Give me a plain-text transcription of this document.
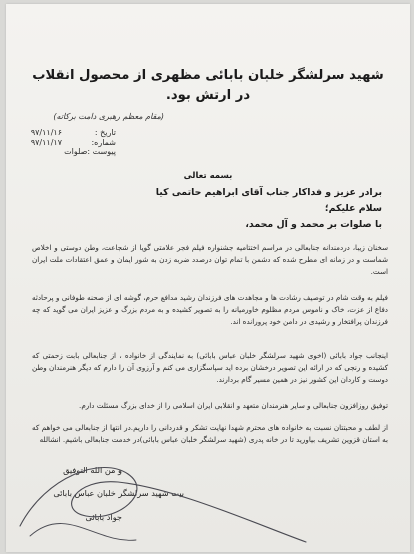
شهید سرلشگر خلبان بابائی مظهری از محصول انقلاب در ارتش بود.
(مقام معظم رهبری دامت برکاته)
۹۷/۱۱/۱۶
۹۷/۱۱/۱۷
تاریخ :
شماره:
پیوست :صلوات
بسمه تعالی
برادر عزیز و فداکار جناب آقای ابراهیم حاتمی کیا
سلام علیکم؛
با صلوات بر محمد و آل محمد،
سخنان زیبا، دردمندانه جنابعالی در مراسم اختتامیه جشنواره فیلم فجر علامتی گویا از شجاعت، وطن دوستی و اخلاص شماست و در زمانه ای مطرح شده که دشمن با تمام توان درصدد ضربه زدن به شور ایمان و عمق اعتقادات ملت ایران است.
فیلم به وقت شام در توصیف رشادت ها و مجاهدت های فرزندان رشید مدافع حرم، گوشه ای از صحنه طوفانی و پرحادثه دفاع از عزت، خاک و ناموس مردم مظلوم خاورمیانه را به تصویر کشیده و به مردم بزرگ و عزیز ایران می گوید که چه فرزندان پرافتخار و رشیدی در دامن خود پرورانده اند.
اینجانب جواد بابائی (اخوی شهید سرلشگر خلبان عباس بابائی) به نمایندگی از خانواده ، از جنابعالی بابت زحمتی که کشیده و رنجی که در ارائه این تصویر درخشان برده اید سپاسگزاری می کنم و آرزوی آن را دارم که دیگر هنرمندان وطن دوست و کاردان این کشور نیز در همین مسیر گام بردارند.
توفیق روزافزون جنابعالی و سایر هنرمندان متعهد و انقلابی ایران اسلامی را از خدای بزرگ مسئلت دارم.
از لطف و محبتتان نسبت به خانواده های محترم شهدا نهایت تشکر و قدردانی را داریم.در انتها از جنابعالی می خواهم که به استان قزوین تشریف بیاورید تا در خانه پدری (شهید سرلشگر خلبان عباس بابائی)در خدمت جنابعالی باشیم. انشالله
و من الله التوفیق
بیت شهید سرلشگر خلبان عباس بابائی
جواد بابائی
